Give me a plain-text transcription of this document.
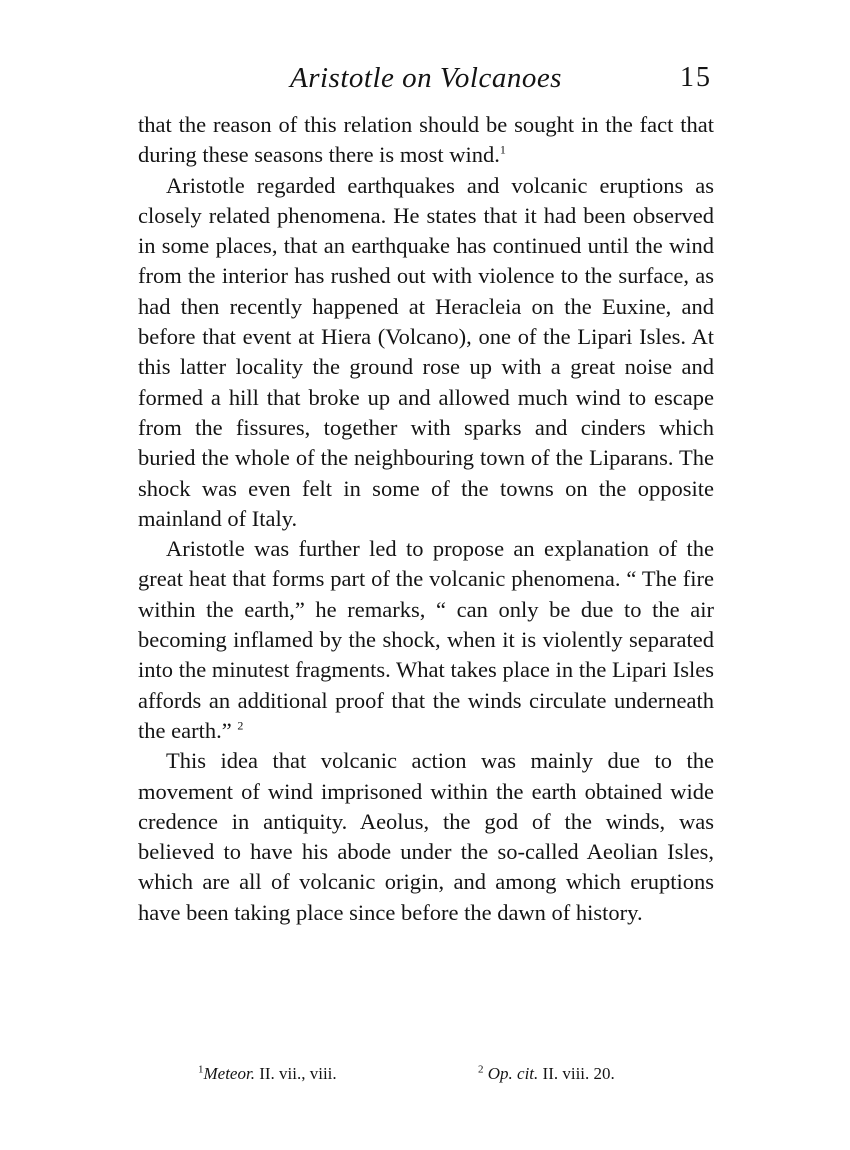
Aristotle on Volcanoes	15

that the reason of this relation should be sought in the fact that during these seasons there is most wind.$^1$

Aristotle regarded earthquakes and volcanic eruptions as closely related phenomena. He states that it had been observed in some places, that an earthquake has continued until the wind from the interior has rushed out with violence to the surface, as had then recently happened at Heracleia on the Euxine, and before that event at Hiera (Volcano), one of the Lipari Isles. At this latter locality the ground rose up with a great noise and formed a hill that broke up and allowed much wind to escape from the fissures, together with sparks and cinders which buried the whole of the neighbouring town of the Liparans. The shock was even felt in some of the towns on the opposite mainland of Italy.

Aristotle was further led to propose an explanation of the great heat that forms part of the volcanic phenomena. “ The fire within the earth,” he remarks, “ can only be due to the air becoming inflamed by the shock, when it is violently separated into the minutest fragments. What takes place in the Lipari Isles affords an additional proof that the winds circulate underneath the earth.” $^2$

This idea that volcanic action was mainly due to the movement of wind imprisoned within the earth obtained wide credence in antiquity. Aeolus, the god of the winds, was believed to have his abode under the so-called Aeolian Isles, which are all of volcanic origin, and among which eruptions have been taking place since before the dawn of history.

$^1$Meteor. II. vii., viii.	$^2$ Op. cit. II. viii. 20.
